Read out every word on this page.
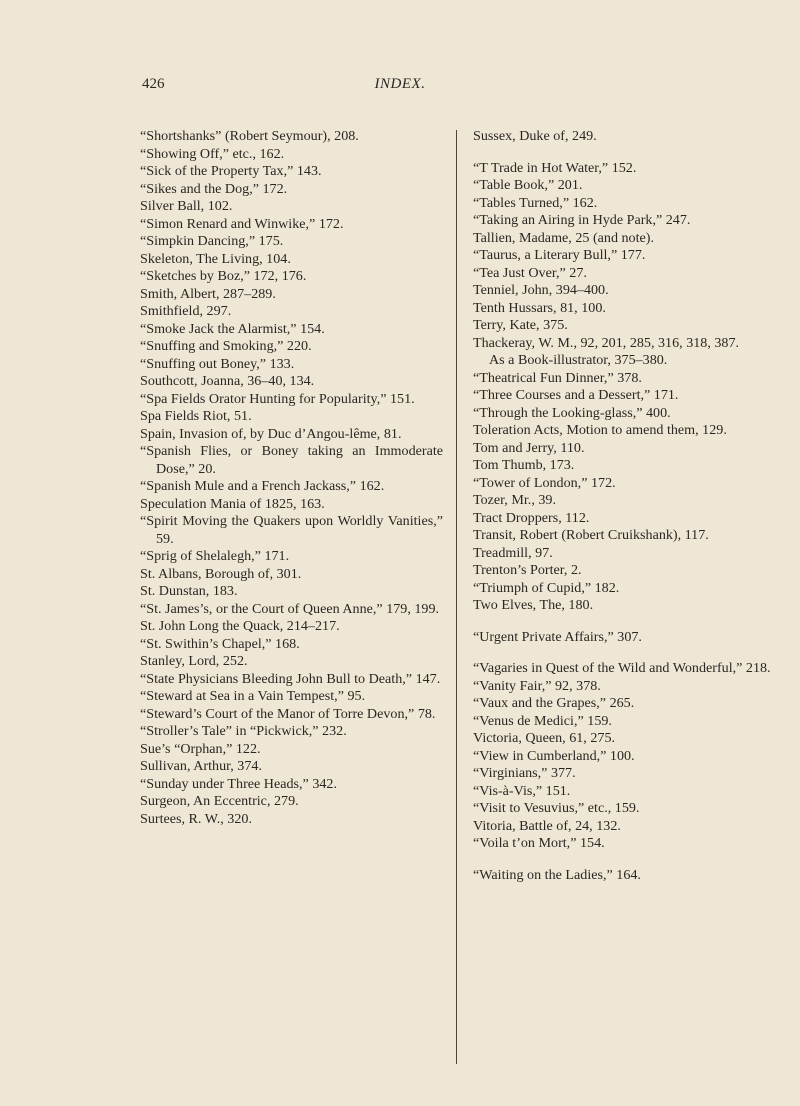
426	INDEX.

“Shortshanks” (Robert Seymour), 208.

“Showing Off,” etc., 162.

“Sick of the Property Tax,” 143.

“Sikes and the Dog,” 172.

Silver Ball, 102.

“Simon Renard and Winwike,” 172.

“Simpkin Dancing,” 175.

Skeleton, The Living, 104.

“Sketches by Boz,” 172, 176.

Smith, Albert, 287–289.

Smithfield, 297.

“Smoke Jack the Alarmist,” 154.

“Snuffing and Smoking,” 220.

“Snuffing out Boney,” 133.

Southcott, Joanna, 36–40, 134.

“Spa Fields Orator Hunting for Popularity,” 151.

Spa Fields Riot, 51.

Spain, Invasion of, by Duc d’Angou-lême, 81.

“Spanish Flies, or Boney taking an Immoderate Dose,” 20.

“Spanish Mule and a French Jackass,” 162.

Speculation Mania of 1825, 163.

“Spirit Moving the Quakers upon Worldly Vanities,” 59.

“Sprig of Shelalegh,” 171.

St. Albans, Borough of, 301.

St. Dunstan, 183.

“St. James’s, or the Court of Queen Anne,” 179, 199.

St. John Long the Quack, 214–217.

“St. Swithin’s Chapel,” 168.

Stanley, Lord, 252.

“State Physicians Bleeding John Bull to Death,” 147.

“Steward at Sea in a Vain Tempest,” 95.

“Steward’s Court of the Manor of Torre Devon,” 78.

“Stroller’s Tale” in “Pickwick,” 232.

Sue’s “Orphan,” 122.

Sullivan, Arthur, 374.

“Sunday under Three Heads,” 342.

Surgeon, An Eccentric, 279.

Surtees, R. W., 320.

Sussex, Duke of, 249.

“T Trade in Hot Water,” 152.

“Table Book,” 201.

“Tables Turned,” 162.

“Taking an Airing in Hyde Park,” 247.

Tallien, Madame, 25 (and note).

“Taurus, a Literary Bull,” 177.

“Tea Just Over,” 27.

Tenniel, John, 394–400.

Tenth Hussars, 81, 100.

Terry, Kate, 375.

Thackeray, W. M., 92, 201, 285, 316, 318, 387.

As a Book-illustrator, 375–380.

“Theatrical Fun Dinner,” 378.

“Three Courses and a Dessert,” 171.

“Through the Looking-glass,” 400.

Toleration Acts, Motion to amend them, 129.

Tom and Jerry, 110.

Tom Thumb, 173.

“Tower of London,” 172.

Tozer, Mr., 39.

Tract Droppers, 112.

Transit, Robert (Robert Cruikshank), 117.

Treadmill, 97.

Trenton’s Porter, 2.

“Triumph of Cupid,” 182.

Two Elves, The, 180.

“Urgent Private Affairs,” 307.

“Vagaries in Quest of the Wild and Wonderful,” 218.

“Vanity Fair,” 92, 378.

“Vaux and the Grapes,” 265.

“Venus de Medici,” 159.

Victoria, Queen, 61, 275.

“View in Cumberland,” 100.

“Virginians,” 377.

“Vis-à-Vis,” 151.

“Visit to Vesuvius,” etc., 159.

Vitoria, Battle of, 24, 132.

“Voila t’on Mort,” 154.

“Waiting on the Ladies,” 164.
